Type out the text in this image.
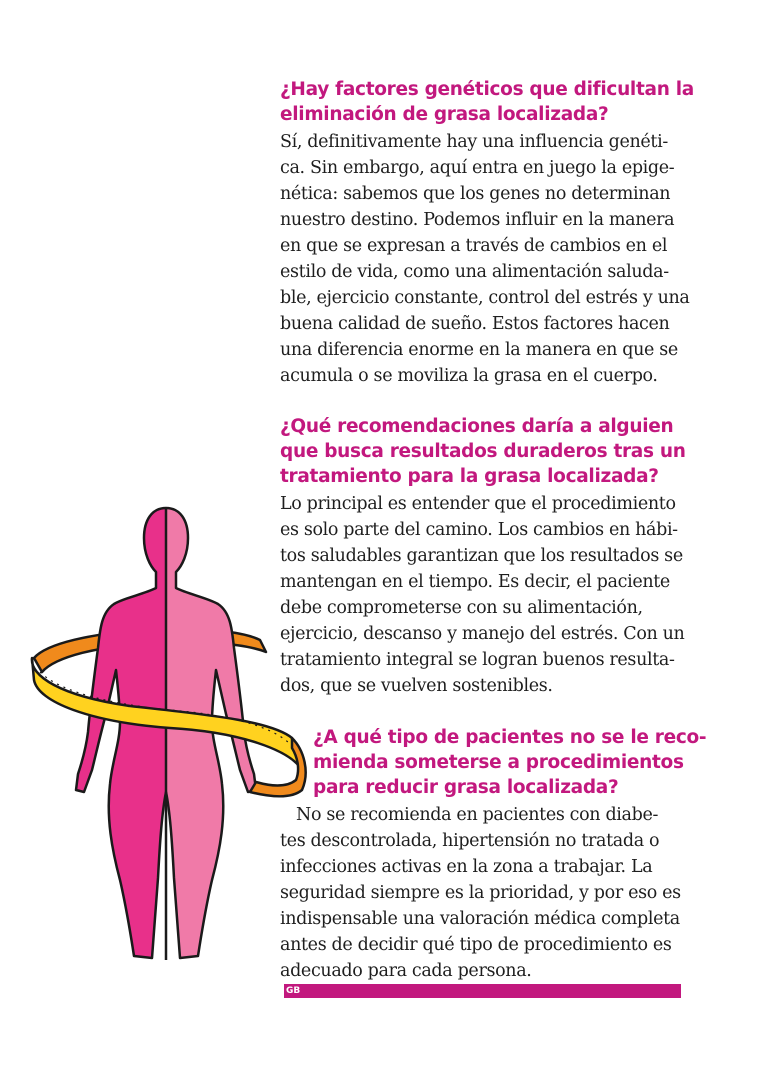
¿Hay factores genéticos que dificultan la
eliminación de grasa localizada?

Sí, definitivamente hay una influencia genéti-
ca. Sin embargo, aquí entra en juego la epige-
nética: sabemos que los genes no determinan
nuestro destino. Podemos influir en la manera
en que se expresan a través de cambios en el
estilo de vida, como una alimentación saluda-
ble, ejercicio constante, control del estrés y una
buena calidad de sueño. Estos factores hacen
una diferencia enorme en la manera en que se
acumula o se moviliza la grasa en el cuerpo.

¿Qué recomendaciones daría a alguien
que busca resultados duraderos tras un
tratamiento para la grasa localizada?

Lo principal es entender que el procedimiento
es solo parte del camino. Los cambios en hábi-
tos saludables garantizan que los resultados se
mantengan en el tiempo. Es decir, el paciente
debe comprometerse con su alimentación,
ejercicio, descanso y manejo del estrés. Con un
tratamiento integral se logran buenos resulta-
dos, que se vuelven sostenibles.

¿A qué tipo de pacientes no se le reco-
mienda someterse a procedimientos
para reducir grasa localizada?

No se recomienda en pacientes con diabe-
tes descontrolada, hipertensión no tratada o
infecciones activas en la zona a trabajar. La
seguridad siempre es la prioridad, y por eso es
indispensable una valoración médica completa
antes de decidir qué tipo de procedimiento es
adecuado para cada persona.
GB
